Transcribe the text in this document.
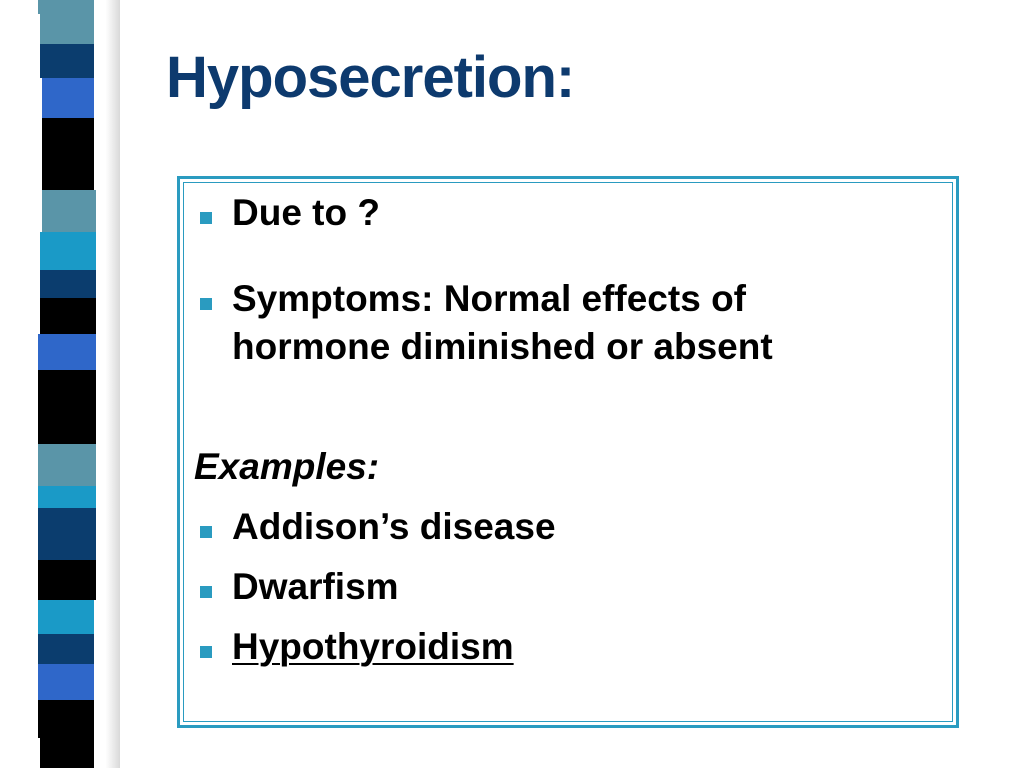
Hyposecretion:
Due to ?
Symptoms: Normal effects of
hormone diminished or absent
Examples:
Addison’s disease
Dwarfism
Hypothyroidism
